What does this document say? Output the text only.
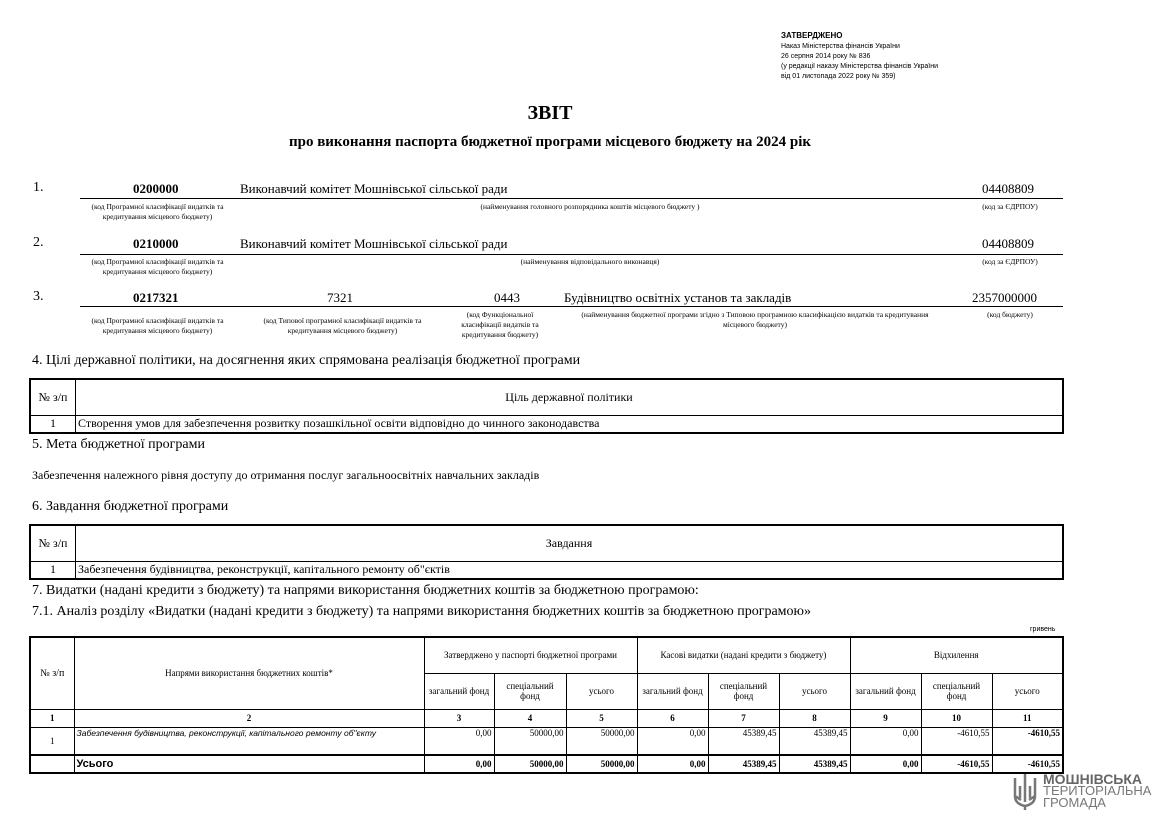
ЗАТВЕРДЖЕНО
Наказ Міністерства фінансів України
26 серпня 2014 року № 836
(у редакції наказу Міністерства фінансів України
від 01 листопада 2022 року № 359)
ЗВІТ
про виконання паспорта бюджетної програми місцевого бюджету на 2024 рік
1.	0200000	Виконавчий комітет Мошнівської сільської ради	04408809
(код Програмної класифікації видатків та кредитування місцевого бюджету)
(найменування головного розпорядника коштів місцевого бюджету )	(код за ЄДРПОУ)
2.	0210000	Виконавчий комітет Мошнівської сільської ради	04408809
(код Програмної класифікації видатків та кредитування місцевого бюджету)
(найменування відповідального виконавця)	(код за ЄДРПОУ)
3.	0217321	7321	0443	Будівництво освітніх установ та закладів	2357000000
(код Програмної класифікації видатків та кредитування місцевого бюджету)
(код Типової програмної класифікації видатків та кредитування місцевого бюджету)
(код Функціональної класифікації видатків та кредитування бюджету)
(найменування бюджетної програми згідно з Типовою програмною класифікацією видатків та кредитування місцевого бюджету)
(код бюджету)
4. Цілі державної політики, на досягнення яких спрямована реалізація бюджетної програми
№ з/п	Ціль державної політики
1	Створення умов для забезпечення розвитку позашкільної освіти відповідно до чинного законодавства
5. Мета бюджетної програми
Забезпечення належного рівня доступу до отримання послуг загальноосвітніх навчальних закладів
6. Завдання бюджетної програми
№ з/п	Завдання
1	Забезпечення будівництва, реконструкції, капітального ремонту об"єктів
7. Видатки (надані кредити з бюджету) та напрями використання бюджетних коштів за бюджетною програмою:
7.1. Аналіз розділу «Видатки (надані кредити з бюджету) та напрями використання бюджетних коштів за бюджетною програмою»
гривень
№ з/п	Напрями використання бюджетних коштів*	Затверджено у паспорті бюджетної програми			Касові видатки (надані кредити з бюджету)			Відхилення		
		загальний фонд	спеціальний фонд	усього	загальний фонд	спеціальний фонд	усього	загальний фонд	спеціальний фонд	усього
1	2	3	4	5	6	7	8	9	10	11
1	Забезпечення будівництва, реконструкції, капітального ремонту об"єкту	0,00	50000,00	50000,00	0,00	45389,45	45389,45	0,00	-4610,55	-4610,55
	Усього	0,00	50000,00	50000,00	0,00	45389,45	45389,45	0,00	-4610,55	-4610,55
МОШНІВСЬКА
ТЕРИТОРІАЛЬНА
ГРОМАДА
